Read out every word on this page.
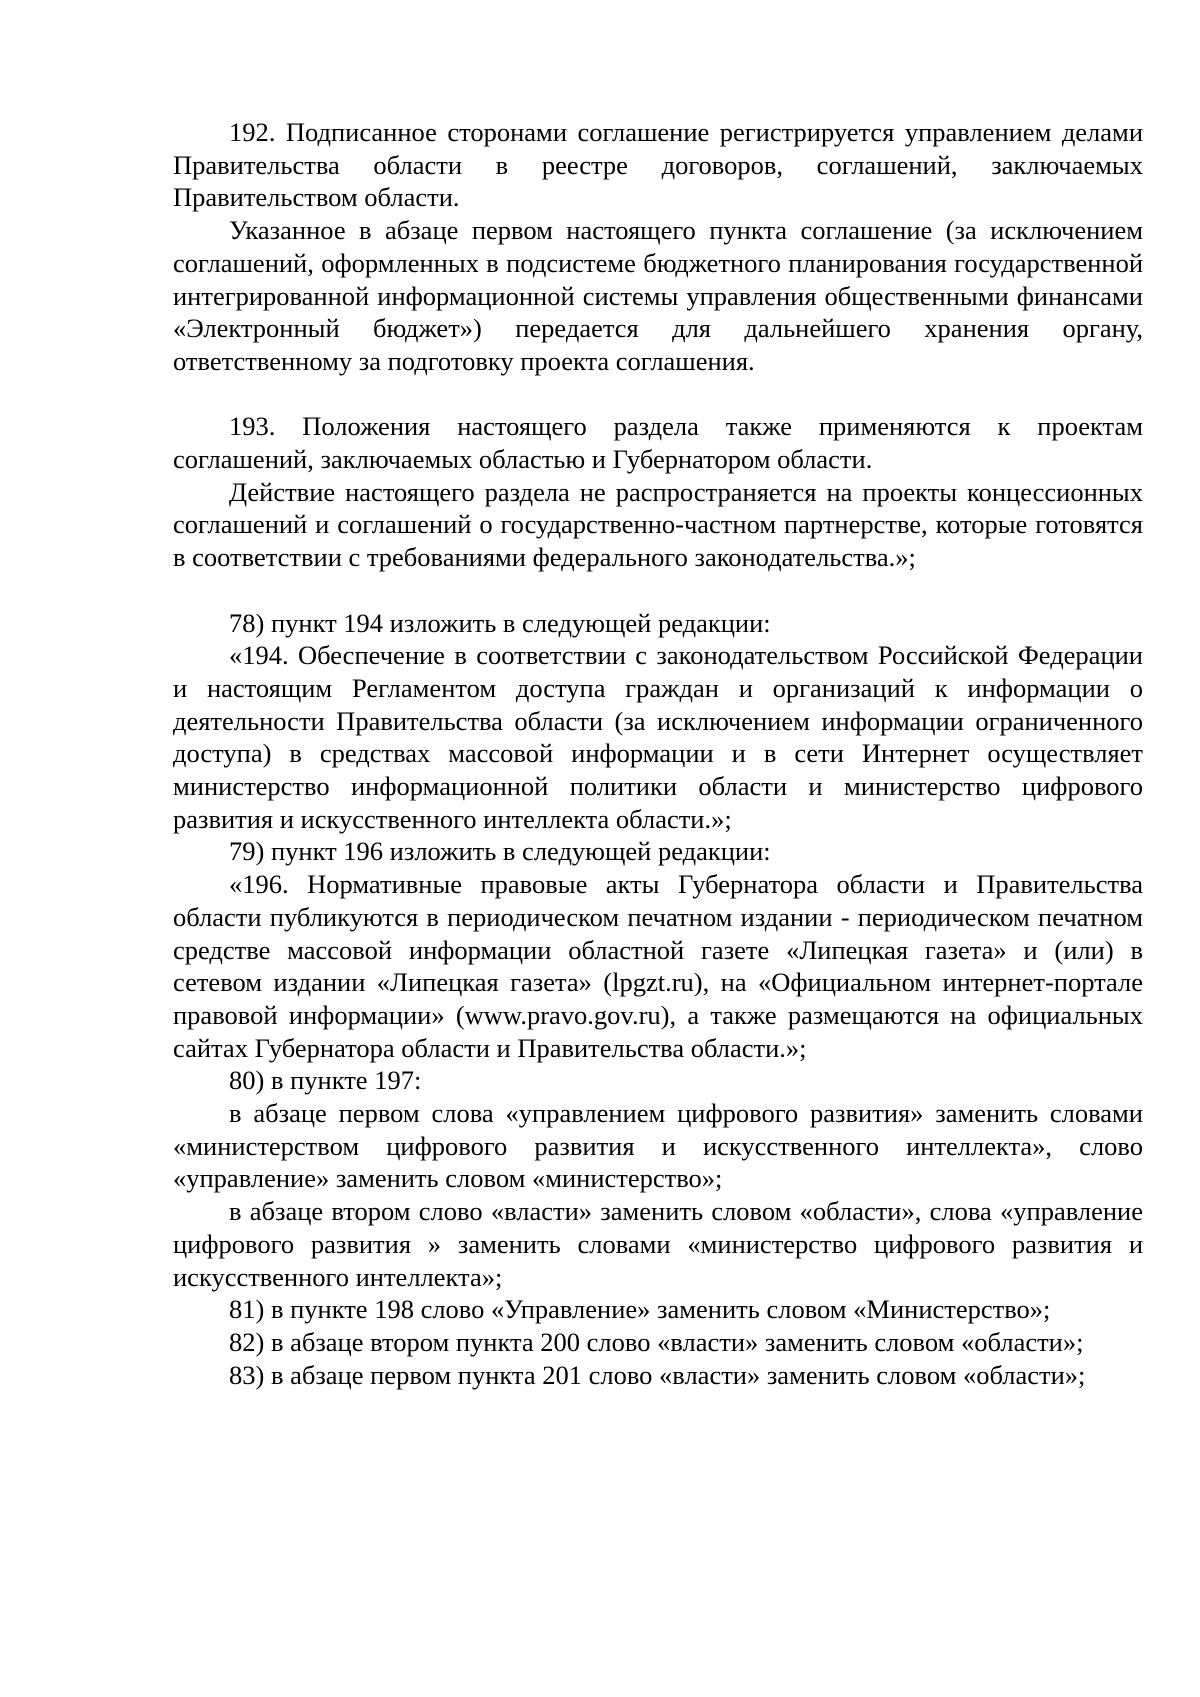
192. Подписанное сторонами соглашение регистрируется управлением делами Правительства области в реестре договоров, соглашений, заключаемых Правительством области.

Указанное в абзаце первом настоящего пункта соглашение (за исключением соглашений, оформленных в подсистеме бюджетного планирования государственной интегрированной информационной системы управления общественными финансами «Электронный бюджет») передается для дальнейшего хранения органу, ответственному за подготовку проекта соглашения.

193. Положения настоящего раздела также применяются к проектам соглашений, заключаемых областью и Губернатором области.

Действие настоящего раздела не распространяется на проекты концессионных соглашений и соглашений о государственно-частном партнерстве, которые готовятся в соответствии с требованиями федерального законодательства.»;

78) пункт 194 изложить в следующей редакции:

«194. Обеспечение в соответствии с законодательством Российской Федерации и настоящим Регламентом доступа граждан и организаций к информации о деятельности Правительства области (за исключением информации ограниченного доступа) в средствах массовой информации и в сети Интернет осуществляет министерство информационной политики области и министерство цифрового развития и искусственного интеллекта области.»;

79) пункт 196 изложить в следующей редакции:

«196. Нормативные правовые акты Губернатора области и Правительства области публикуются в периодическом печатном издании - периодическом печатном средстве массовой информации областной газете «Липецкая газета» и (или) в сетевом издании «Липецкая газета» (lpgzt.ru), на «Официальном интернет-портале правовой информации» (www.pravo.gov.ru), а также размещаются на официальных сайтах Губернатора области и Правительства области.»;

80) в пункте 197:

в абзаце первом слова «управлением цифрового развития» заменить словами «министерством цифрового развития и искусственного интеллекта», слово «управление» заменить словом «министерство»;

в абзаце втором слово «власти» заменить словом «области», слова «управление цифрового развития » заменить словами «министерство цифрового развития и искусственного интеллекта»;

81) в пункте 198 слово «Управление» заменить словом «Министерство»;

82) в абзаце втором пункта 200 слово «власти» заменить словом «области»;

83) в абзаце первом пункта 201 слово «власти» заменить словом «области»;
